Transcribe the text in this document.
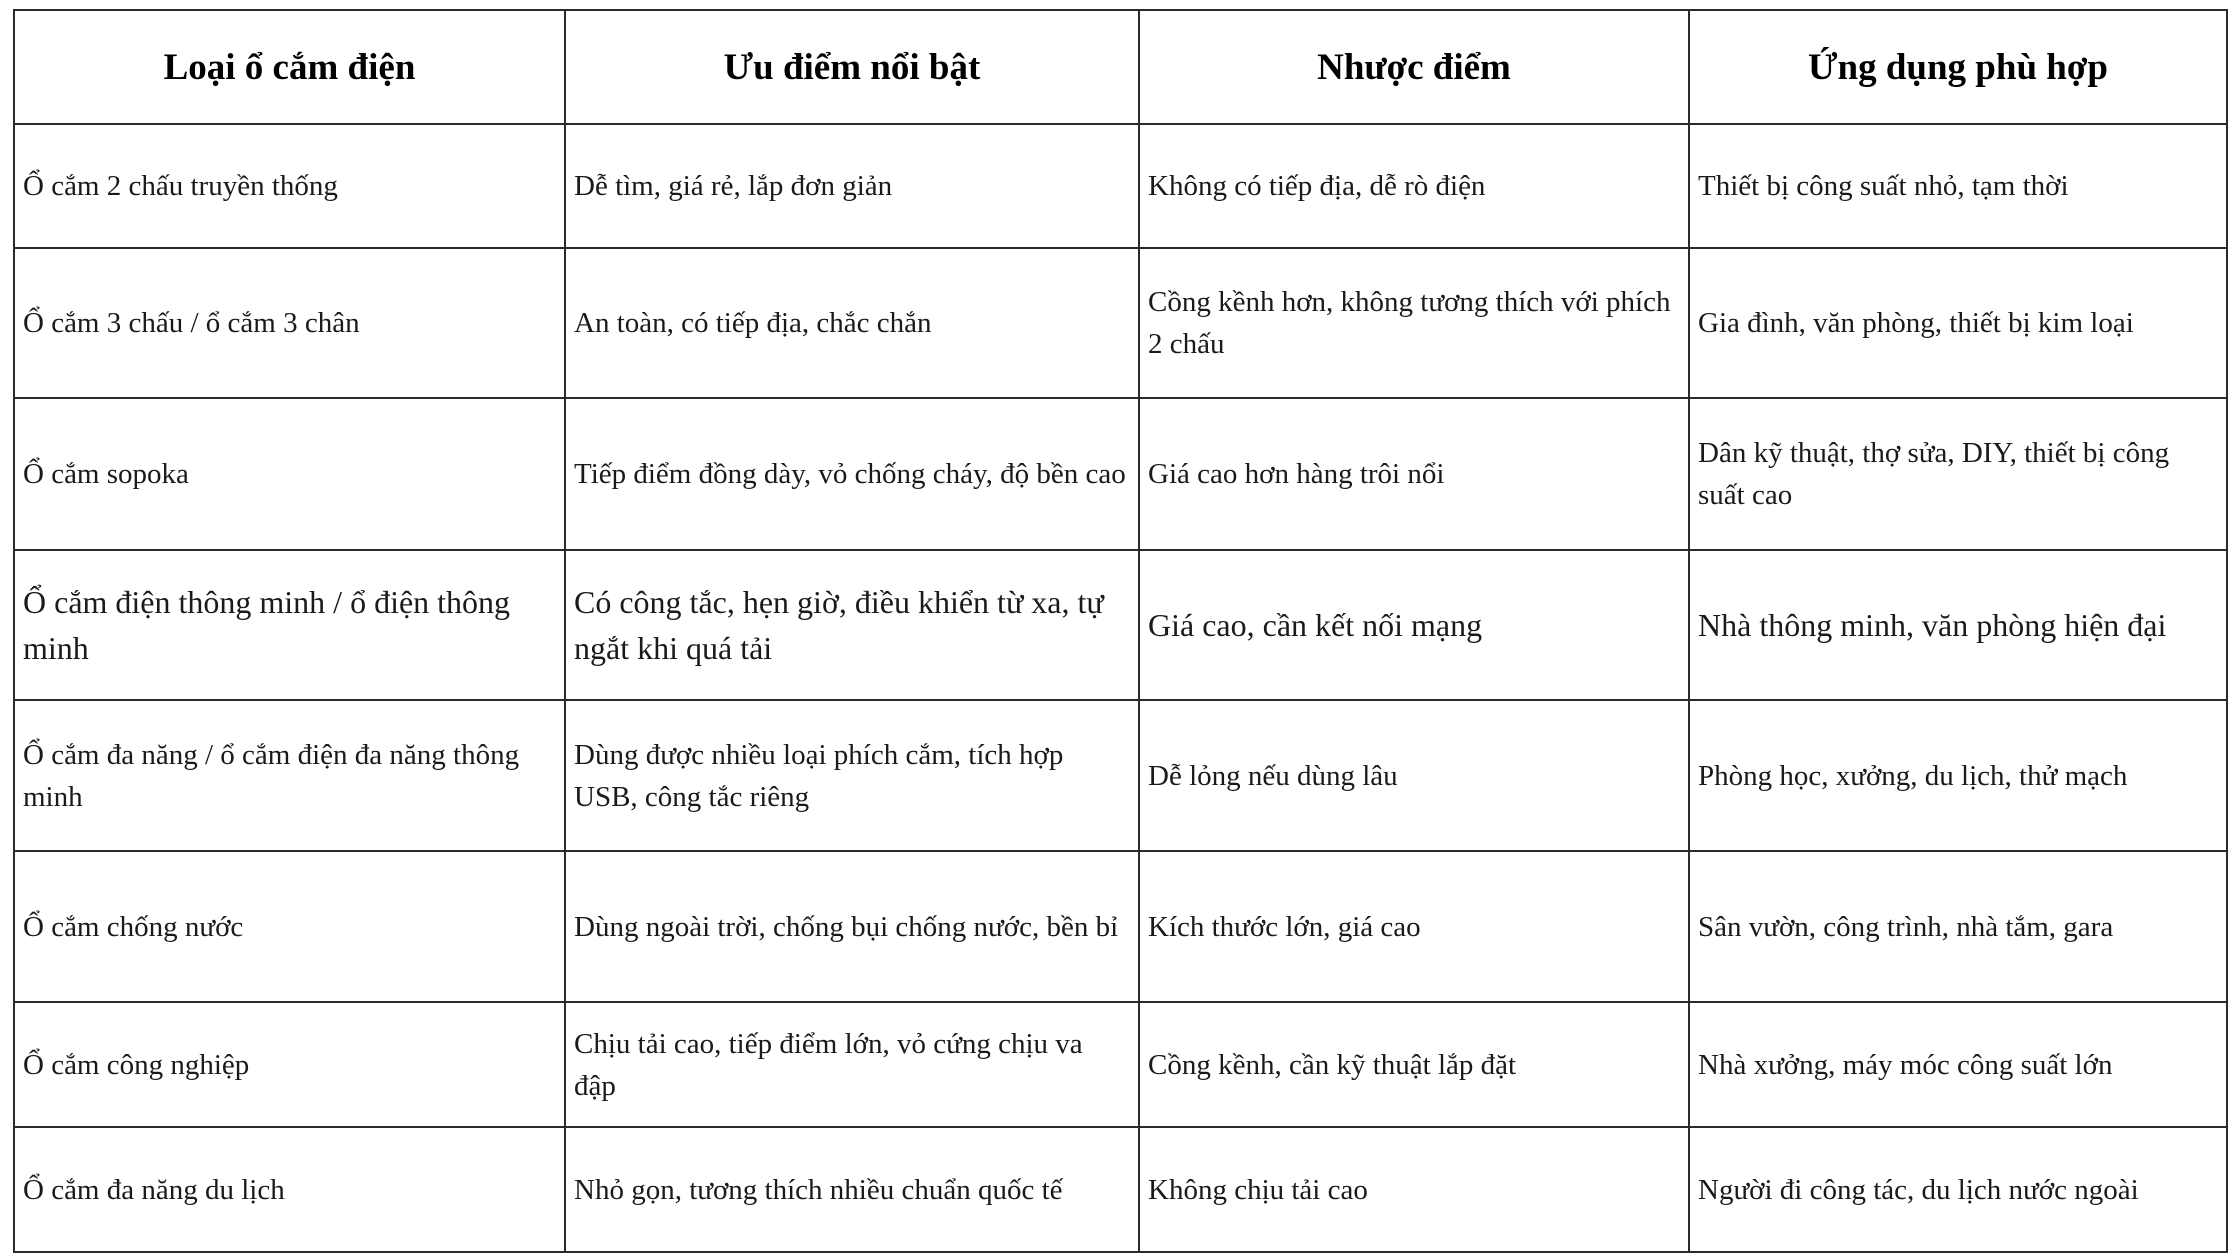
Loại ổ cắm điện	Ưu điểm nổi bật	Nhược điểm	Ứng dụng phù hợp
Ổ cắm 2 chấu truyền thống	Dễ tìm, giá rẻ, lắp đơn giản	Không có tiếp địa, dễ rò điện	Thiết bị công suất nhỏ, tạm thời
Ổ cắm 3 chấu / ổ cắm 3 chân	An toàn, có tiếp địa, chắc chắn	Cồng kềnh hơn, không tương thích với phích 2 chấu	Gia đình, văn phòng, thiết bị kim loại
Ổ cắm sopoka	Tiếp điểm đồng dày, vỏ chống cháy, độ bền cao	Giá cao hơn hàng trôi nổi	Dân kỹ thuật, thợ sửa, DIY, thiết bị công suất cao
Ổ cắm điện thông minh / ổ điện thông minh	Có công tắc, hẹn giờ, điều khiển từ xa, tự ngắt khi quá tải	Giá cao, cần kết nối mạng	Nhà thông minh, văn phòng hiện đại
Ổ cắm đa năng / ổ cắm điện đa năng thông minh	Dùng được nhiều loại phích cắm, tích hợp USB, công tắc riêng	Dễ lỏng nếu dùng lâu	Phòng học, xưởng, du lịch, thử mạch
Ổ cắm chống nước	Dùng ngoài trời, chống bụi chống nước, bền bỉ	Kích thước lớn, giá cao	Sân vườn, công trình, nhà tắm, gara
Ổ cắm công nghiệp	Chịu tải cao, tiếp điểm lớn, vỏ cứng chịu va đập	Cồng kềnh, cần kỹ thuật lắp đặt	Nhà xưởng, máy móc công suất lớn
Ổ cắm đa năng du lịch	Nhỏ gọn, tương thích nhiều chuẩn quốc tế	Không chịu tải cao	Người đi công tác, du lịch nước ngoài
